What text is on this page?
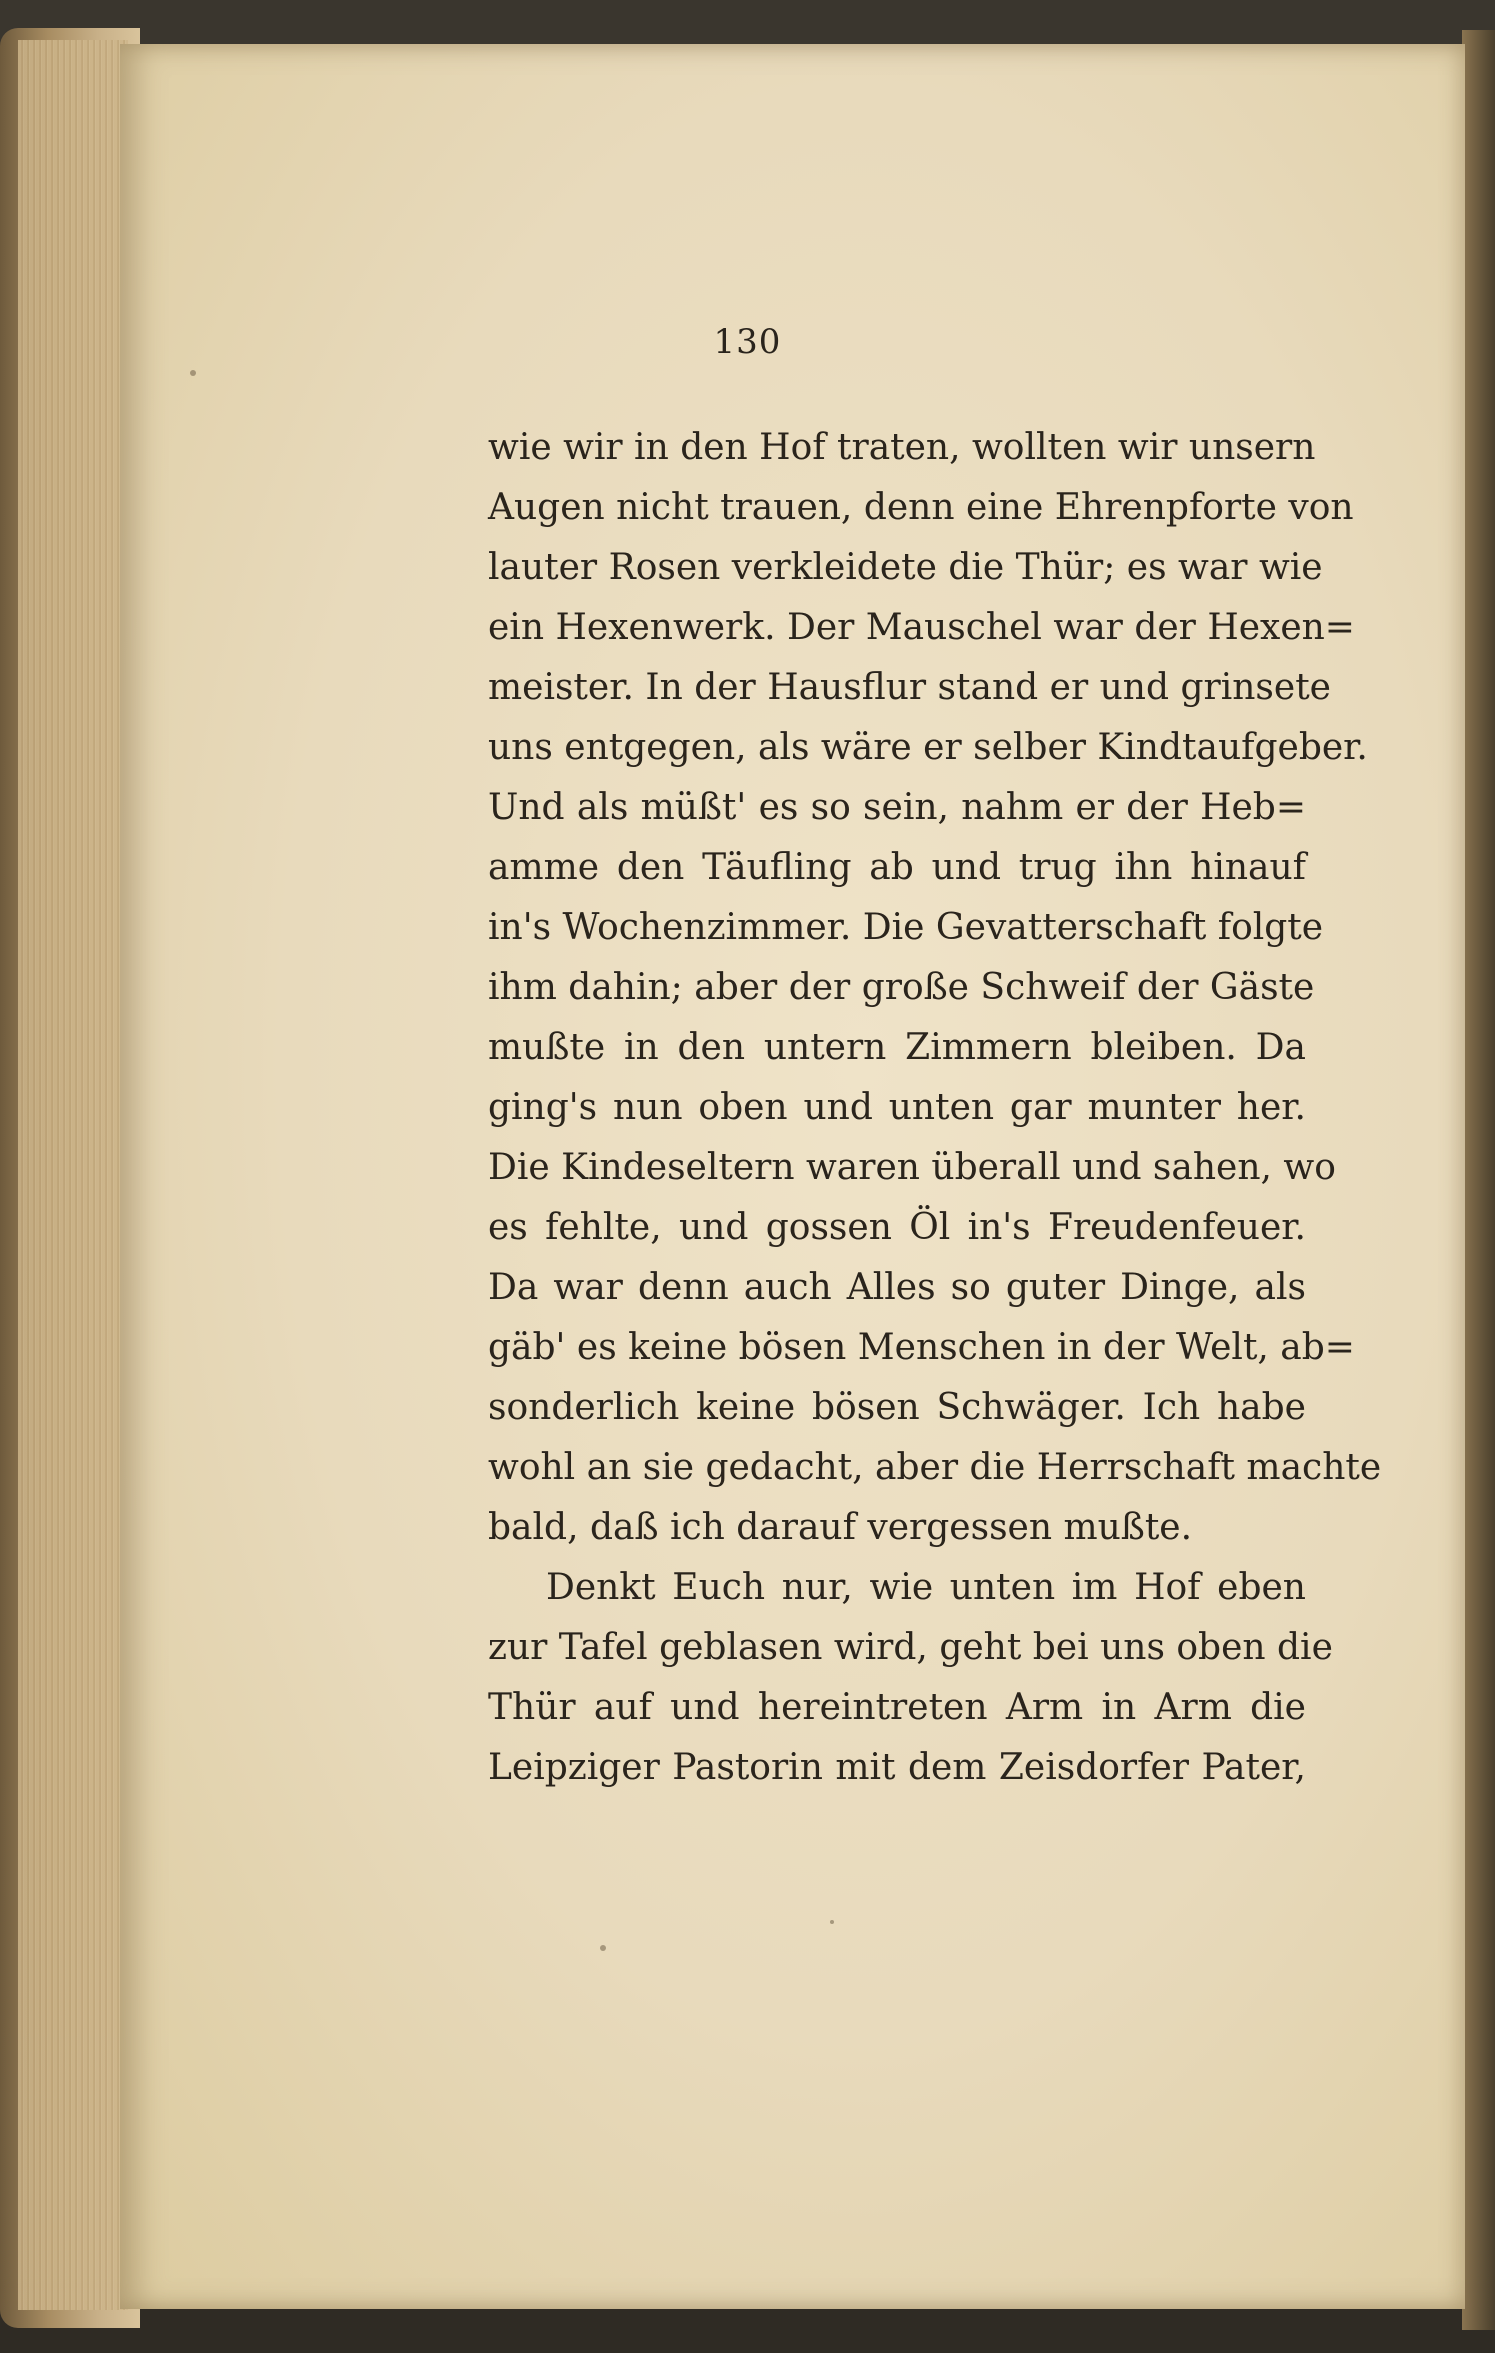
130
wie wir in den Hof traten, wollten wir unsern
Augen nicht trauen, denn eine Ehrenpforte von
lauter Rosen verkleidete die Thür; es war wie
ein Hexenwerk. Der Mauschel war der Hexen=
meister. In der Hausflur stand er und grinsete
uns entgegen, als wäre er selber Kindtaufgeber.
Und als müßt' es so sein, nahm er der Heb=
amme den Täufling ab und trug ihn hinauf
in's Wochenzimmer. Die Gevatterschaft folgte
ihm dahin; aber der große Schweif der Gäste
mußte in den untern Zimmern bleiben. Da
ging's nun oben und unten gar munter her.
Die Kindeseltern waren überall und sahen, wo
es fehlte, und gossen Öl in's Freudenfeuer.
Da war denn auch Alles so guter Dinge, als
gäb' es keine bösen Menschen in der Welt, ab=
sonderlich keine bösen Schwäger. Ich habe
wohl an sie gedacht, aber die Herrschaft machte
bald, daß ich darauf vergessen mußte.
Denkt Euch nur, wie unten im Hof eben
zur Tafel geblasen wird, geht bei uns oben die
Thür auf und hereintreten Arm in Arm die
Leipziger Pastorin mit dem Zeisdorfer Pater,
